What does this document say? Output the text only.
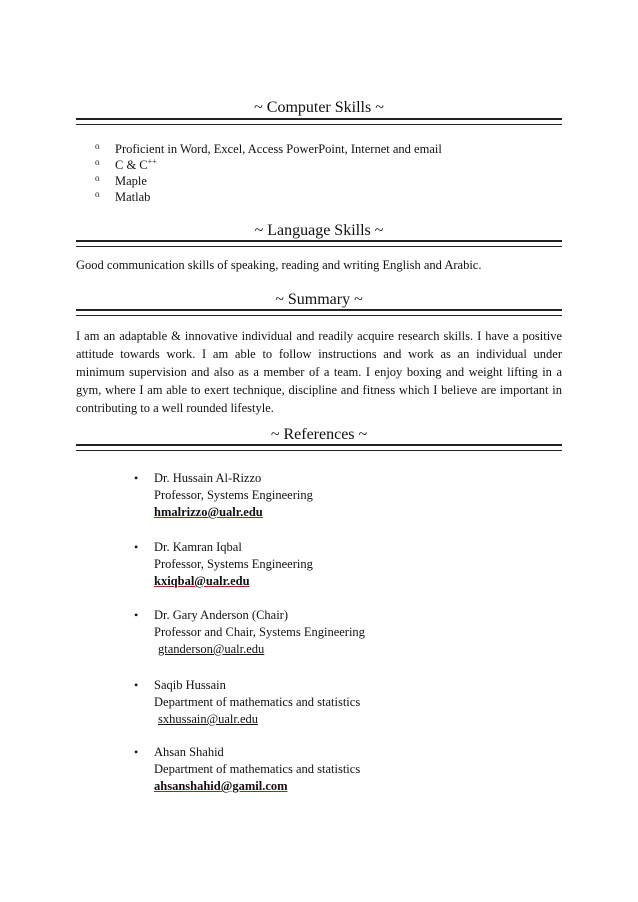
~ Computer Skills ~
o Proficient in Word, Excel, Access PowerPoint, Internet and email
o C & C++
o Maple
o Matlab
~ Language Skills ~

Good communication skills of speaking, reading and writing English and Arabic.

~ Summary ~

I am an adaptable & innovative individual and readily acquire research skills. I have a positive attitude towards work. I am able to follow instructions and work as an individual under minimum supervision and also as a member of a team. I enjoy boxing and weight lifting in a gym, where I am able to exert technique, discipline and fitness which I believe are important in contributing to a well rounded lifestyle.

~ References ~
• Dr. Hussain Al-Rizzo
Professor, Systems Engineering
hmalrizzo@ualr.edu
• Dr. Kamran Iqbal
Professor, Systems Engineering
kxiqbal@ualr.edu
• Dr. Gary Anderson (Chair)
Professor and Chair, Systems Engineering
gtanderson@ualr.edu
• Saqib Hussain
Department of mathematics and statistics
sxhussain@ualr.edu
• Ahsan Shahid
Department of mathematics and statistics
ahsanshahid@gamil.com
